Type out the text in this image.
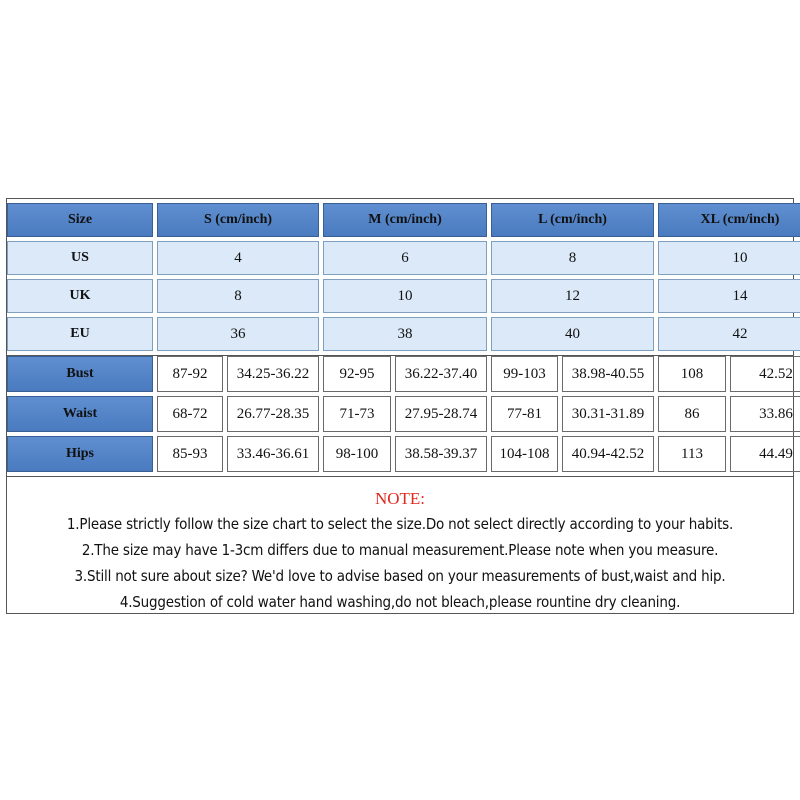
Size	S (cm/inch)	M (cm/inch)	L (cm/inch)	XL (cm/inch)
US	4	6	8	10
UK	8	10	12	14
EU	36	38	40	42
Bust	87-92	34.25-36.22	92-95	36.22-37.40	99-103	38.98-40.55	108	42.52
Waist	68-72	26.77-28.35	71-73	27.95-28.74	77-81	30.31-31.89	86	33.86
Hips	85-93	33.46-36.61	98-100	38.58-39.37	104-108	40.94-42.52	113	44.49
NOTE:
1.Please strictly follow the size chart to select the size.Do not select directly according to your habits.
2.The size may have 1-3cm differs due to manual measurement.Please note when you measure.
3.Still not sure about size? We'd love to advise based on your measurements of bust,waist and hip.
4.Suggestion of cold water hand washing,do not bleach,please rountine dry cleaning.
